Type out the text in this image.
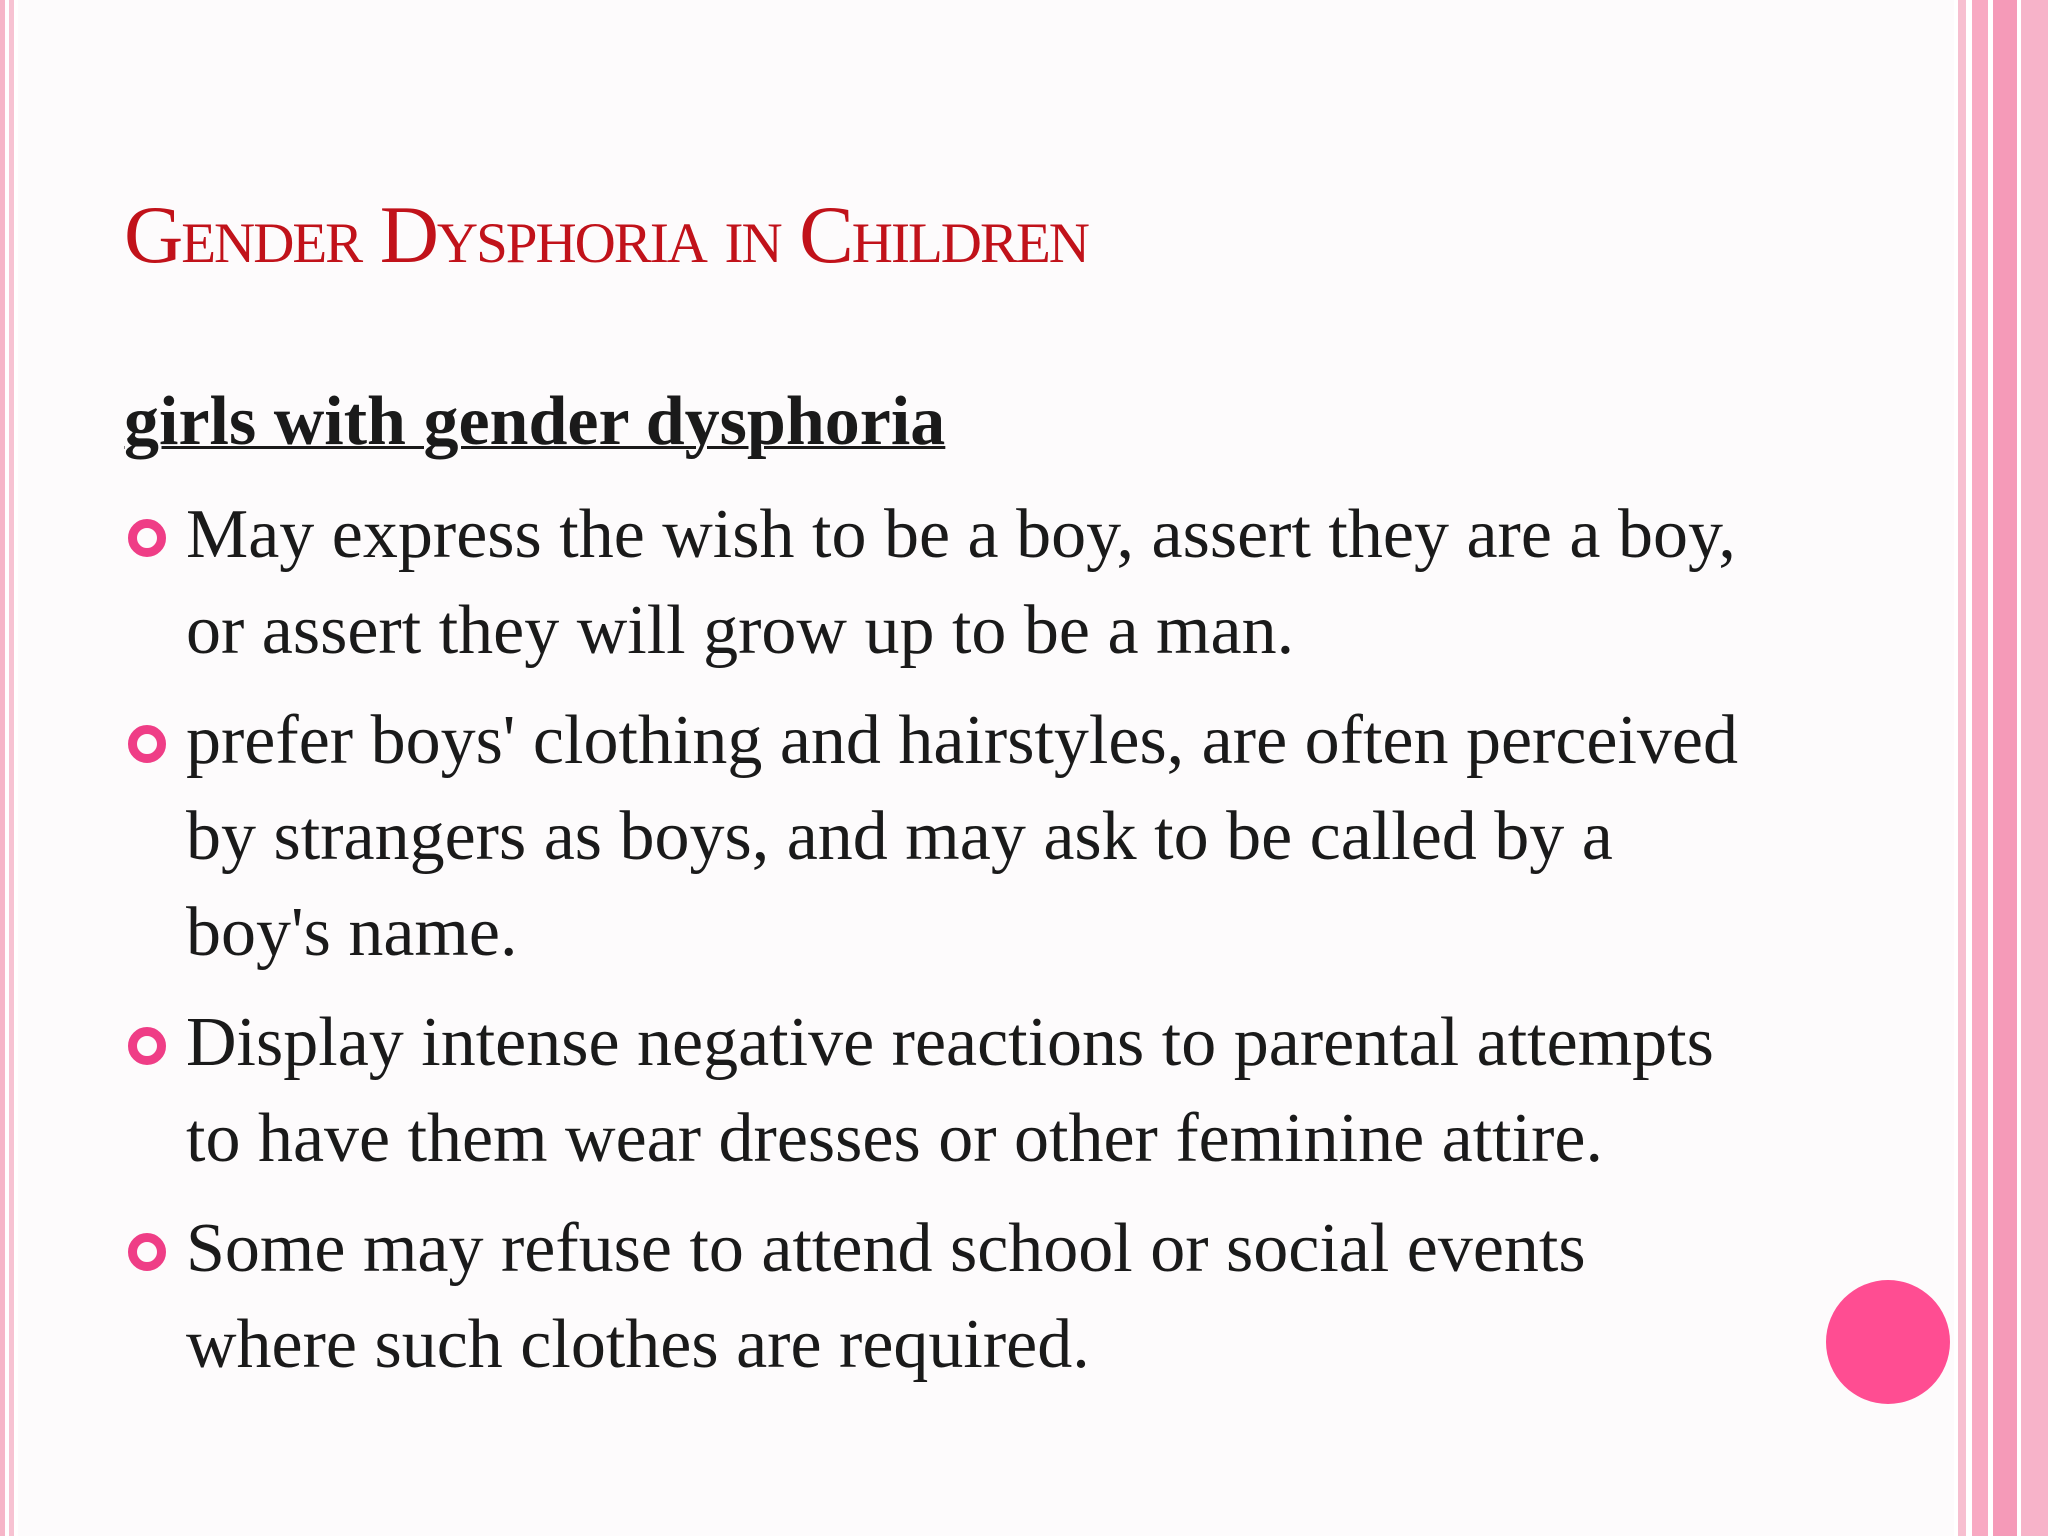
Gender Dysphoria in Children
girls with gender dysphoria
May express the wish to be a boy, assert they are a boy, or assert they will grow up to be a man.
prefer boys' clothing and hairstyles, are often perceived by strangers as boys, and may ask to be called by a boy's name.
Display intense negative reactions to parental attempts to have them wear dresses or other feminine attire.
Some may refuse to attend school or social events where such clothes are required.
